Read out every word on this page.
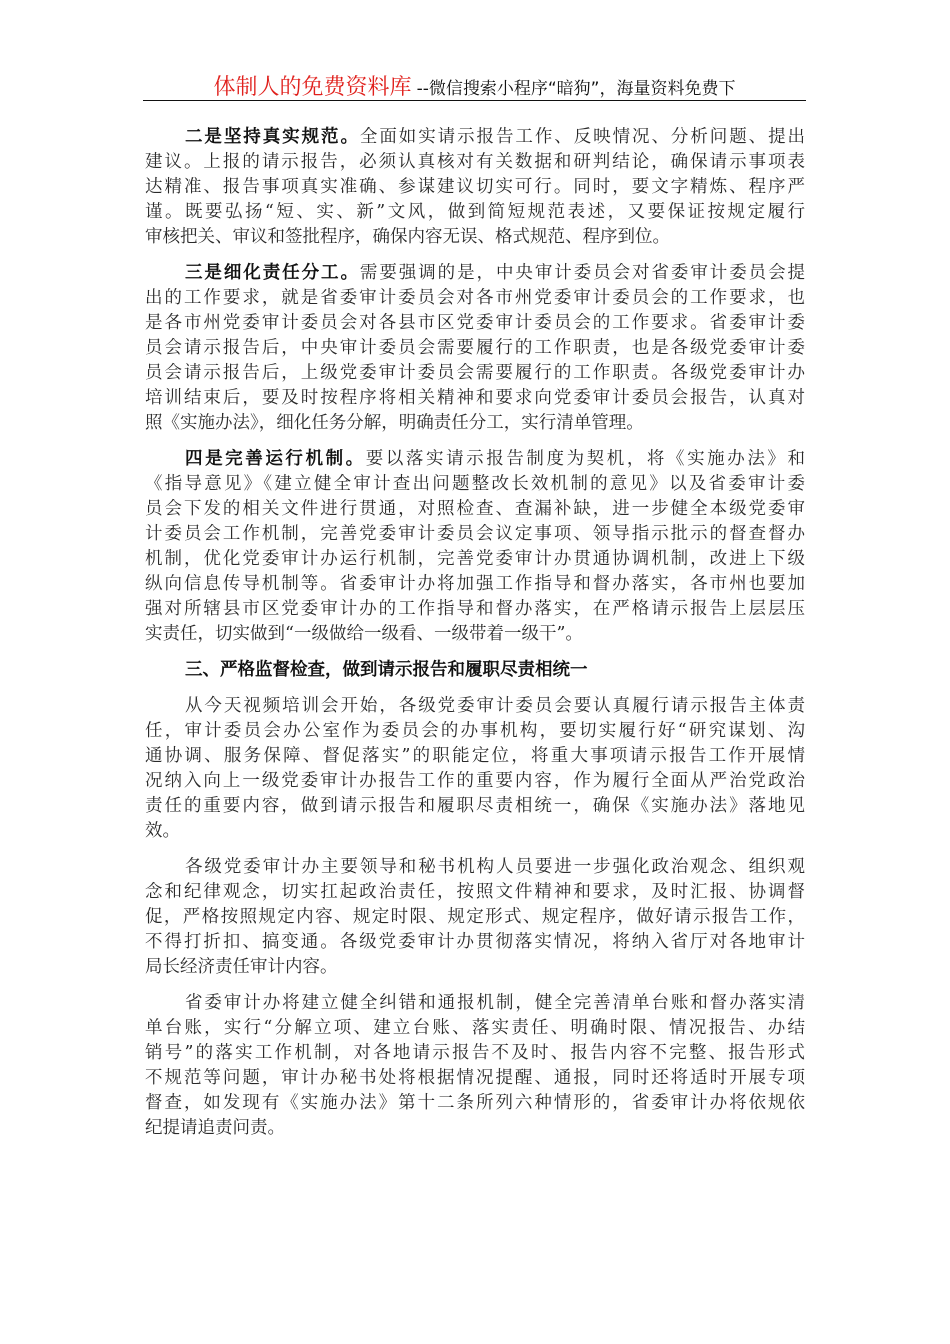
体制人的免费资料库 --微信搜索小程序“暗狗”，海量资料免费下
二是坚持真实规范。全面如实请示报告工作、反映情况、分析问题、提出
建议。上报的请示报告，必须认真核对有关数据和研判结论，确保请示事项表
达精准、报告事项真实准确、参谋建议切实可行。同时，要文字精炼、程序严
谨。既要弘扬“短、实、新”文风，做到简短规范表述，又要保证按规定履行
审核把关、审议和签批程序，确保内容无误、格式规范、程序到位。
三是细化责任分工。需要强调的是，中央审计委员会对省委审计委员会提
出的工作要求，就是省委审计委员会对各市州党委审计委员会的工作要求，也
是各市州党委审计委员会对各县市区党委审计委员会的工作要求。省委审计委
员会请示报告后，中央审计委员会需要履行的工作职责，也是各级党委审计委
员会请示报告后，上级党委审计委员会需要履行的工作职责。各级党委审计办
培训结束后，要及时按程序将相关精神和要求向党委审计委员会报告，认真对
照《实施办法》，细化任务分解，明确责任分工，实行清单管理。
四是完善运行机制。要以落实请示报告制度为契机，将《实施办法》和
《指导意见》《建立健全审计查出问题整改长效机制的意见》以及省委审计委
员会下发的相关文件进行贯通，对照检查、查漏补缺，进一步健全本级党委审
计委员会工作机制，完善党委审计委员会议定事项、领导指示批示的督查督办
机制，优化党委审计办运行机制，完善党委审计办贯通协调机制，改进上下级
纵向信息传导机制等。省委审计办将加强工作指导和督办落实，各市州也要加
强对所辖县市区党委审计办的工作指导和督办落实，在严格请示报告上层层压
实责任，切实做到“一级做给一级看、一级带着一级干”。
三、严格监督检查，做到请示报告和履职尽责相统一
从今天视频培训会开始，各级党委审计委员会要认真履行请示报告主体责
任，审计委员会办公室作为委员会的办事机构，要切实履行好“研究谋划、沟
通协调、服务保障、督促落实”的职能定位，将重大事项请示报告工作开展情
况纳入向上一级党委审计办报告工作的重要内容，作为履行全面从严治党政治
责任的重要内容，做到请示报告和履职尽责相统一，确保《实施办法》落地见
效。
各级党委审计办主要领导和秘书机构人员要进一步强化政治观念、组织观
念和纪律观念，切实扛起政治责任，按照文件精神和要求，及时汇报、协调督
促，严格按照规定内容、规定时限、规定形式、规定程序，做好请示报告工作，
不得打折扣、搞变通。各级党委审计办贯彻落实情况，将纳入省厅对各地审计
局长经济责任审计内容。
省委审计办将建立健全纠错和通报机制，健全完善清单台账和督办落实清
单台账，实行“分解立项、建立台账、落实责任、明确时限、情况报告、办结
销号”的落实工作机制，对各地请示报告不及时、报告内容不完整、报告形式
不规范等问题，审计办秘书处将根据情况提醒、通报，同时还将适时开展专项
督查，如发现有《实施办法》第十二条所列六种情形的，省委审计办将依规依
纪提请追责问责。
